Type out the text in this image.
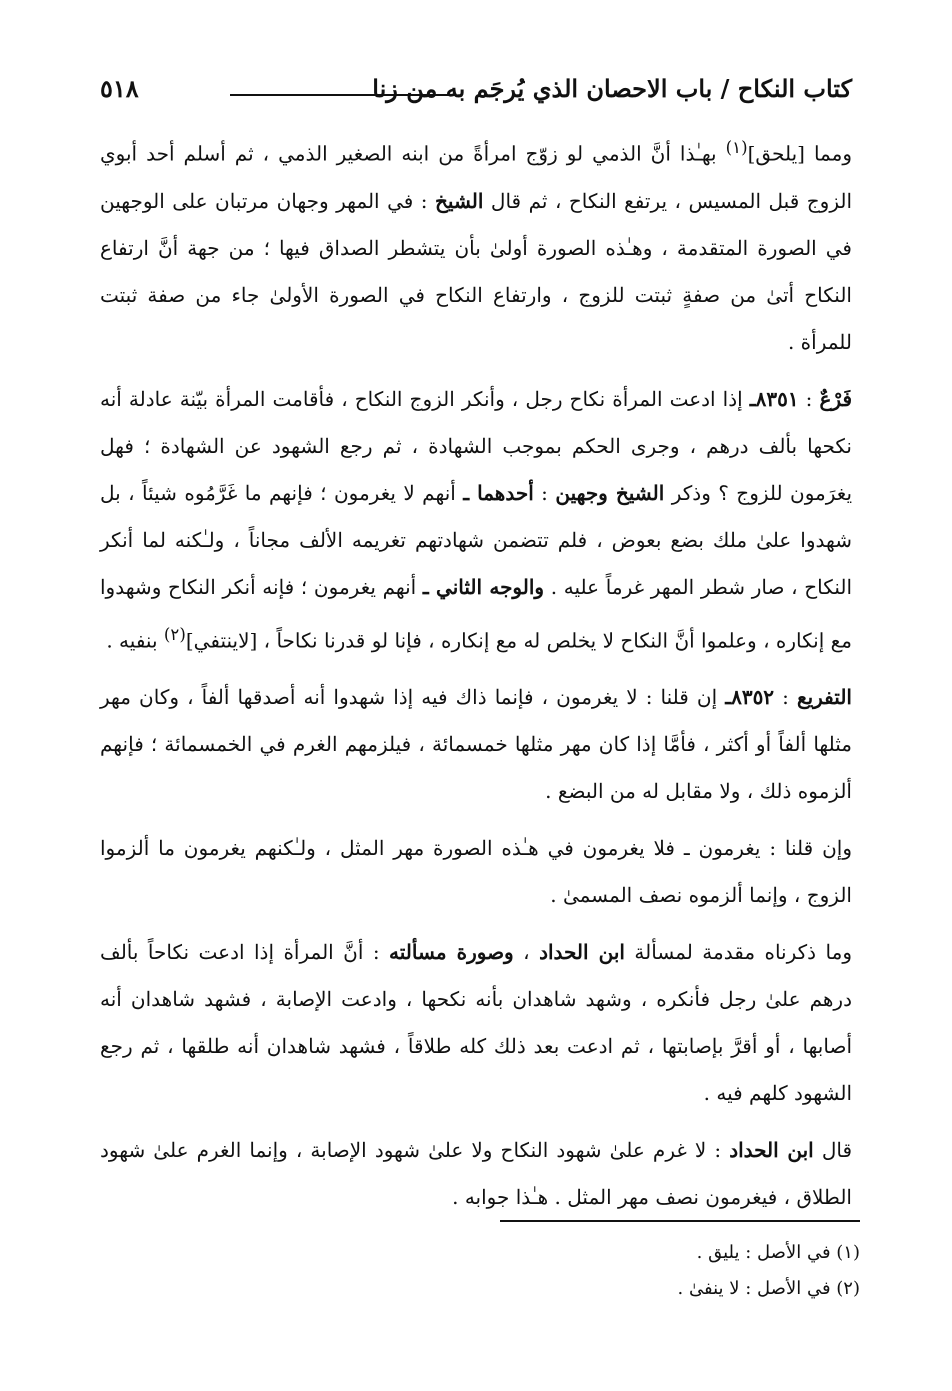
كتاب النكاح / باب الاحصان الذي يُرجَم به من زنا
٥١٨

ومما [يلحق]$^{(١)}$ بهـٰذا أنَّ الذمي لو زوّج امرأةً من ابنه الصغير الذمي ، ثم أسلم أحد أبوي الزوج قبل المسيس ، يرتفع النكاح ، ثم قال الشيخ : في المهر وجهان مرتبان على الوجهين في الصورة المتقدمة ، وهـٰذه الصورة أولىٰ بأن يتشطر الصداق فيها ؛ من جهة أنَّ ارتفاع النكاح أتىٰ من صفةٍ ثبتت للزوج ، وارتفاع النكاح في الصورة الأولىٰ جاء من صفة ثبتت للمرأة .

فَرْعٌ : ٨٣٥١ـ إذا ادعت المرأة نكاح رجل ، وأنكر الزوج النكاح ، فأقامت المرأة بيّنة عادلة أنه نكحها بألف درهم ، وجرى الحكم بموجب الشهادة ، ثم رجع الشهود عن الشهادة ؛ فهل يغرَمون للزوج ؟ وذكر الشيخ وجهين : أحدهما ـ أنهم لا يغرمون ؛ فإنهم ما غَرَّمُوه شيئاً ، بل شهدوا علىٰ ملك بضع بعوض ، فلم تتضمن شهادتهم تغريمه الألف مجاناً ، ولـٰكنه لما أنكر النكاح ، صار شطر المهر غرماً عليه . والوجه الثاني ـ أنهم يغرمون ؛ فإنه أنكر النكاح وشهدوا مع إنكاره ، وعلموا أنَّ النكاح لا يخلص له مع إنكاره ، فإنا لو قدرنا نكاحاً ، [لاينتفي]$^{(٢)}$ بنفيه .

التفريع : ٨٣٥٢ـ إن قلنا : لا يغرمون ، فإنما ذاك فيه إذا شهدوا أنه أصدقها ألفاً ، وكان مهر مثلها ألفاً أو أكثر ، فأمَّا إذا كان مهر مثلها خمسمائة ، فيلزمهم الغرم في الخمسمائة ؛ فإنهم ألزموه ذلك ، ولا مقابل له من البضع .

وإن قلنا : يغرمون ـ فلا يغرمون في هـٰذه الصورة مهر المثل ، ولـٰكنهم يغرمون ما ألزموا الزوج ، وإنما ألزموه نصف المسمىٰ .

وما ذكرناه مقدمة لمسألة ابن الحداد ، وصورة مسألته : أنَّ المرأة إذا ادعت نكاحاً بألف درهم علىٰ رجل فأنكره ، وشهد شاهدان بأنه نكحها ، وادعت الإصابة ، فشهد شاهدان أنه أصابها ، أو أقرَّ بإصابتها ، ثم ادعت بعد ذلك كله طلاقاً ، فشهد شاهدان أنه طلقها ، ثم رجع الشهود كلهم فيه .

قال ابن الحداد : لا غرم علىٰ شهود النكاح ولا علىٰ شهود الإصابة ، وإنما الغرم علىٰ شهود الطلاق ، فيغرمون نصف مهر المثل . هـٰذا جوابه .

(١) في الأصل : يليق .
(٢) في الأصل : لا ينفىٰ .
